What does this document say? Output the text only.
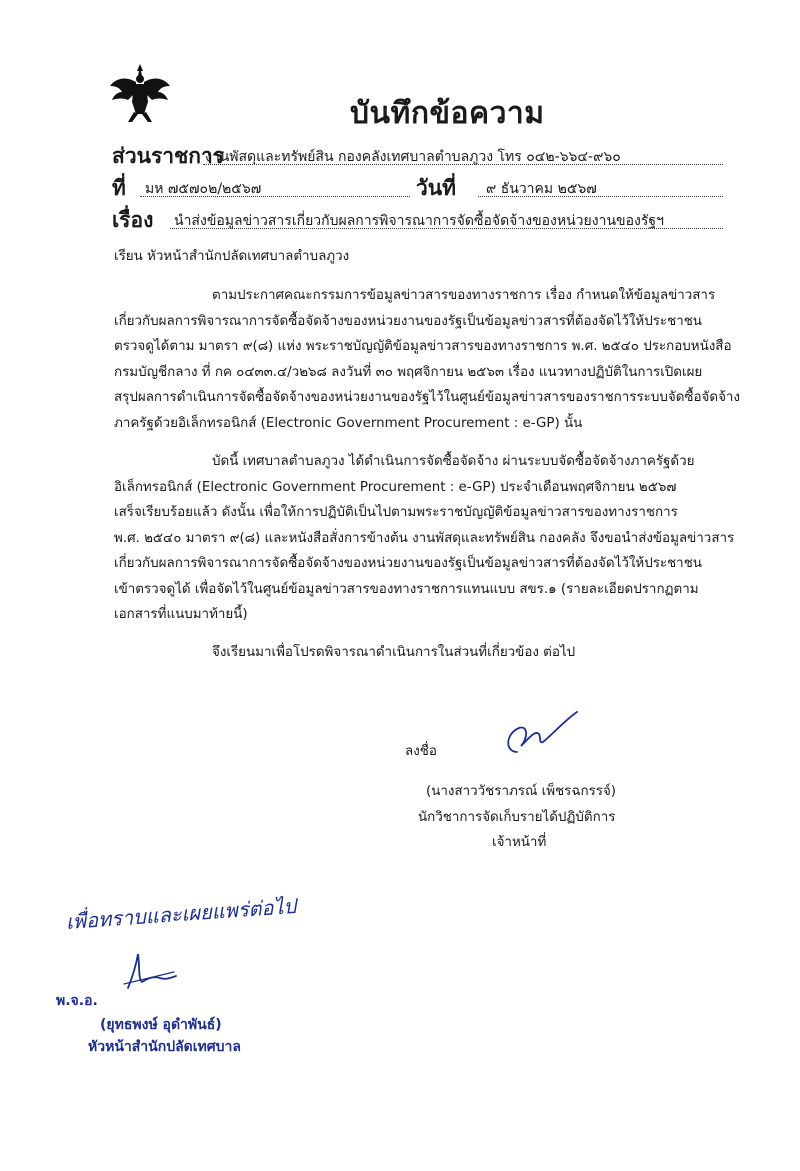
บันทึกข้อความ
ส่วนราชการ
งานพัสดุและทรัพย์สิน กองคลังเทศบาลตำบลภูวง โทร ๐๔๒-๖๖๔-๙๖๐
ที่ มห ๗๕๗๐๒/๒๕๖๗	วันที่ ๙ ธันวาคม ๒๕๖๗
เรื่อง นำส่งข้อมูลข่าวสารเกี่ยวกับผลการพิจารณาการจัดซื้อจัดจ้างของหน่วยงานของรัฐฯ
เรียน หัวหน้าสำนักปลัดเทศบาลตำบลภูวง
ตามประกาศคณะกรรมการข้อมูลข่าวสารของทางราชการ เรื่อง กำหนดให้ข้อมูลข่าวสาร
เกี่ยวกับผลการพิจารณาการจัดซื้อจัดจ้างของหน่วยงานของรัฐเป็นข้อมูลข่าวสารที่ต้องจัดไว้ให้ประชาชน
ตรวจดูได้ตาม มาตรา ๙(๘) แห่ง พระราชบัญญัติข้อมูลข่าวสารของทางราชการ พ.ศ. ๒๕๔๐ ประกอบหนังสือ
กรมบัญชีกลาง ที่ กค ๐๔๓๓.๔/ว๒๖๘ ลงวันที่ ๓๐ พฤศจิกายน ๒๕๖๓ เรื่อง แนวทางปฏิบัติในการเปิดเผย
สรุปผลการดำเนินการจัดซื้อจัดจ้างของหน่วยงานของรัฐไว้ในศูนย์ข้อมูลข่าวสารของราชการระบบจัดซื้อจัดจ้าง
ภาครัฐด้วยอิเล็กทรอนิกส์ (Electronic Government Procurement : e-GP) นั้น
บัดนี้ เทศบาลตำบลภูวง ได้ดำเนินการจัดซื้อจัดจ้าง ผ่านระบบจัดซื้อจัดจ้างภาครัฐด้วย
อิเล็กทรอนิกส์ (Electronic Government Procurement : e-GP) ประจำเดือนพฤศจิกายน ๒๕๖๗
เสร็จเรียบร้อยแล้ว ดังนั้น เพื่อให้การปฏิบัติเป็นไปตามพระราชบัญญัติข้อมูลข่าวสารของทางราชการ
พ.ศ. ๒๕๔๐ มาตรา ๙(๘) และหนังสือสั่งการข้างต้น งานพัสดุและทรัพย์สิน กองคลัง จึงขอนำส่งข้อมูลข่าวสาร
เกี่ยวกับผลการพิจารณาการจัดซื้อจัดจ้างของหน่วยงานของรัฐเป็นข้อมูลข่าวสารที่ต้องจัดไว้ให้ประชาชน
เข้าตรวจดูได้ เพื่อจัดไว้ในศูนย์ข้อมูลข่าวสารของทางราชการแทนแบบ สขร.๑ (รายละเอียดปรากฏตาม
เอกสารที่แนบมาท้ายนี้)
จึงเรียนมาเพื่อโปรดพิจารณาดำเนินการในส่วนที่เกี่ยวข้อง ต่อไป
ลงชื่อ
(นางสาววัชราภรณ์ เพ็ชรฉกรรจ์)
นักวิชาการจัดเก็บรายได้ปฏิบัติการ
เจ้าหน้าที่
เพื่อทราบและเผยแพร่ต่อไป
พ.จ.อ.
(ยุทธพงษ์ อุดำพันธ์)
หัวหน้าสำนักปลัดเทศบาล
